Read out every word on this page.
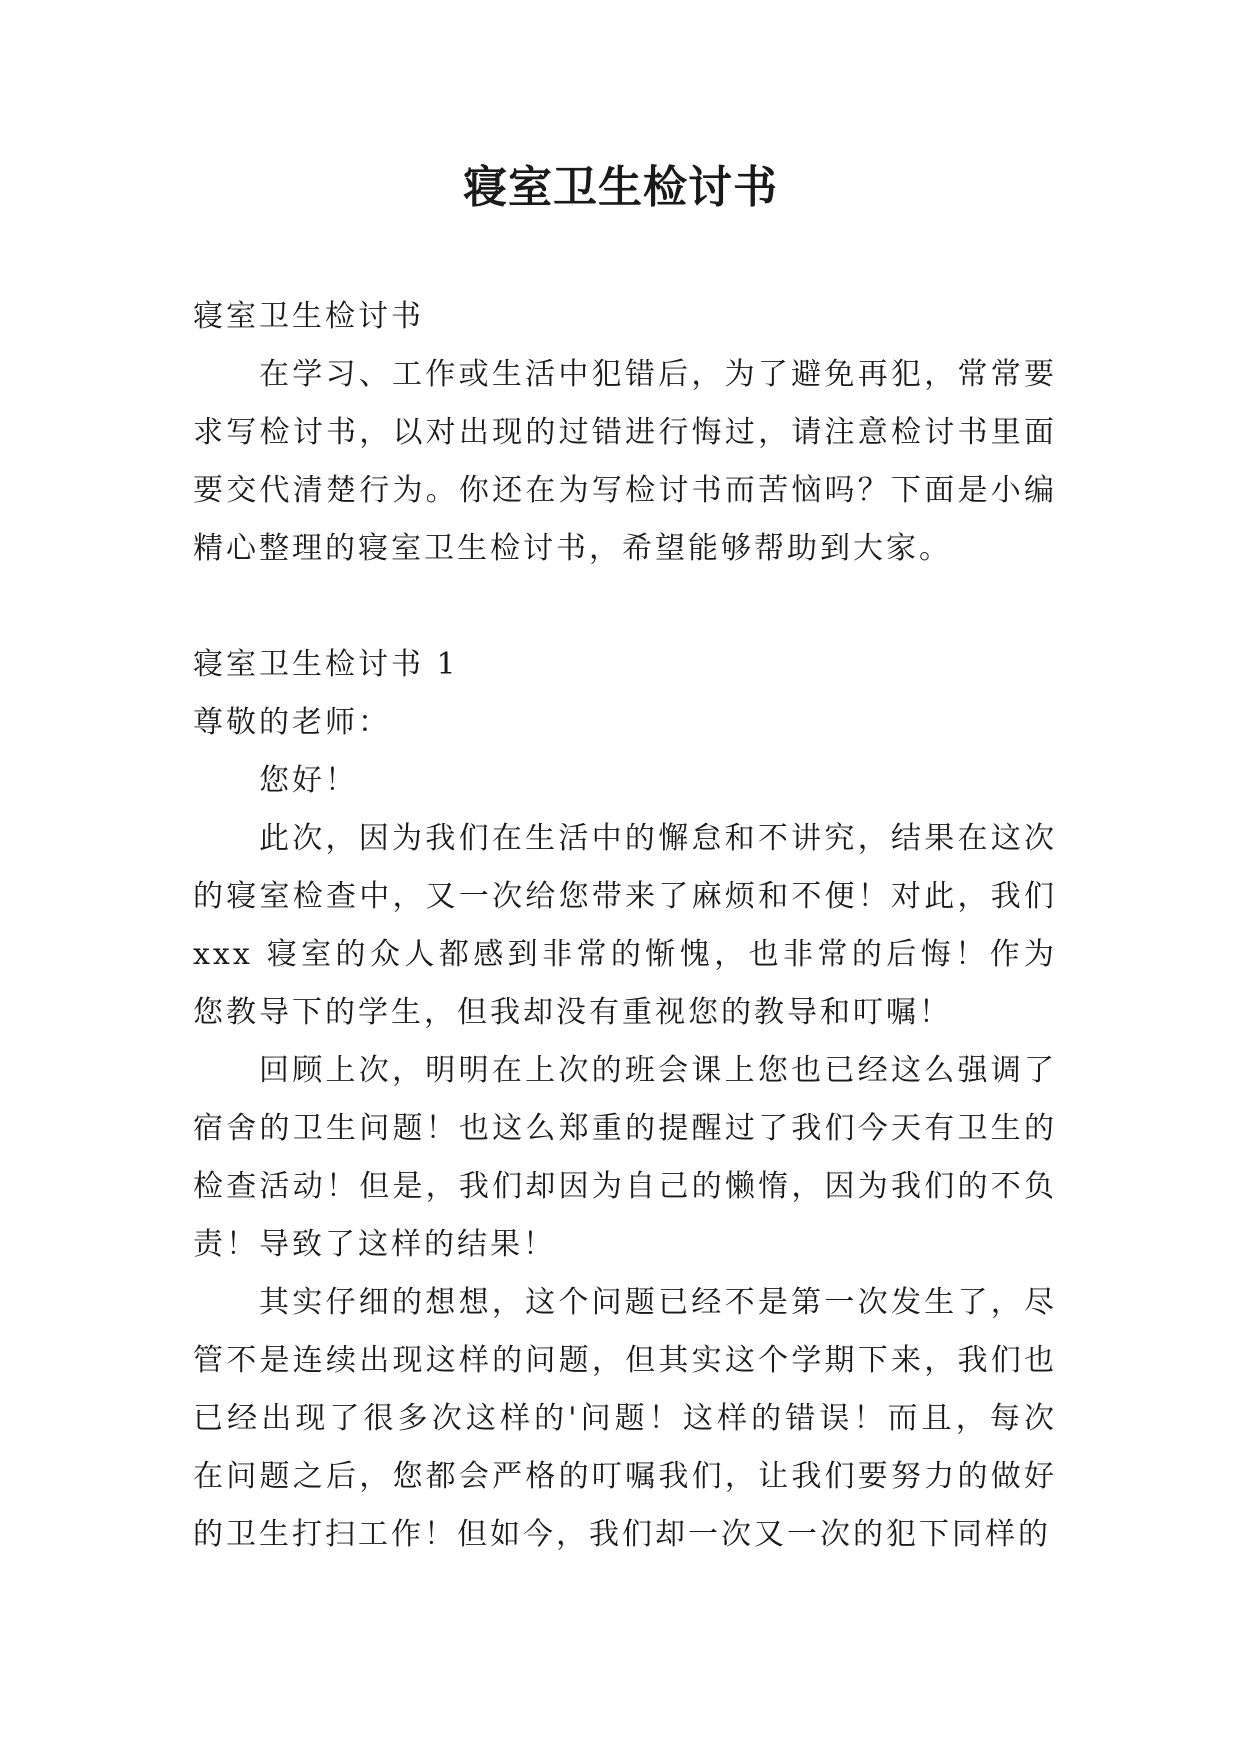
寝室卫生检讨书

寝室卫生检讨书

在学习、工作或生活中犯错后，为了避免再犯，常常要求写检讨书，以对出现的过错进行悔过，请注意检讨书里面要交代清楚行为。你还在为写检讨书而苦恼吗？下面是小编精心整理的寝室卫生检讨书，希望能够帮助到大家。

寝室卫生检讨书 1

尊敬的老师：

您好！

此次，因为我们在生活中的懈怠和不讲究，结果在这次的寝室检查中，又一次给您带来了麻烦和不便！对此，我们 xxx 寝室的众人都感到非常的惭愧，也非常的后悔！作为您教导下的学生，但我却没有重视您的教导和叮嘱！

回顾上次，明明在上次的班会课上您也已经这么强调了宿舍的卫生问题！也这么郑重的提醒过了我们今天有卫生的检查活动！但是，我们却因为自己的懒惰，因为我们的不负责！导致了这样的结果！

其实仔细的想想，这个问题已经不是第一次发生了，尽管不是连续出现这样的问题，但其实这个学期下来，我们也已经出现了很多次这样的'问题！这样的错误！而且，每次在问题之后，您都会严格的叮嘱我们，让我们要努力的做好的卫生打扫工作！但如今，我们却一次又一次的犯下同样的
